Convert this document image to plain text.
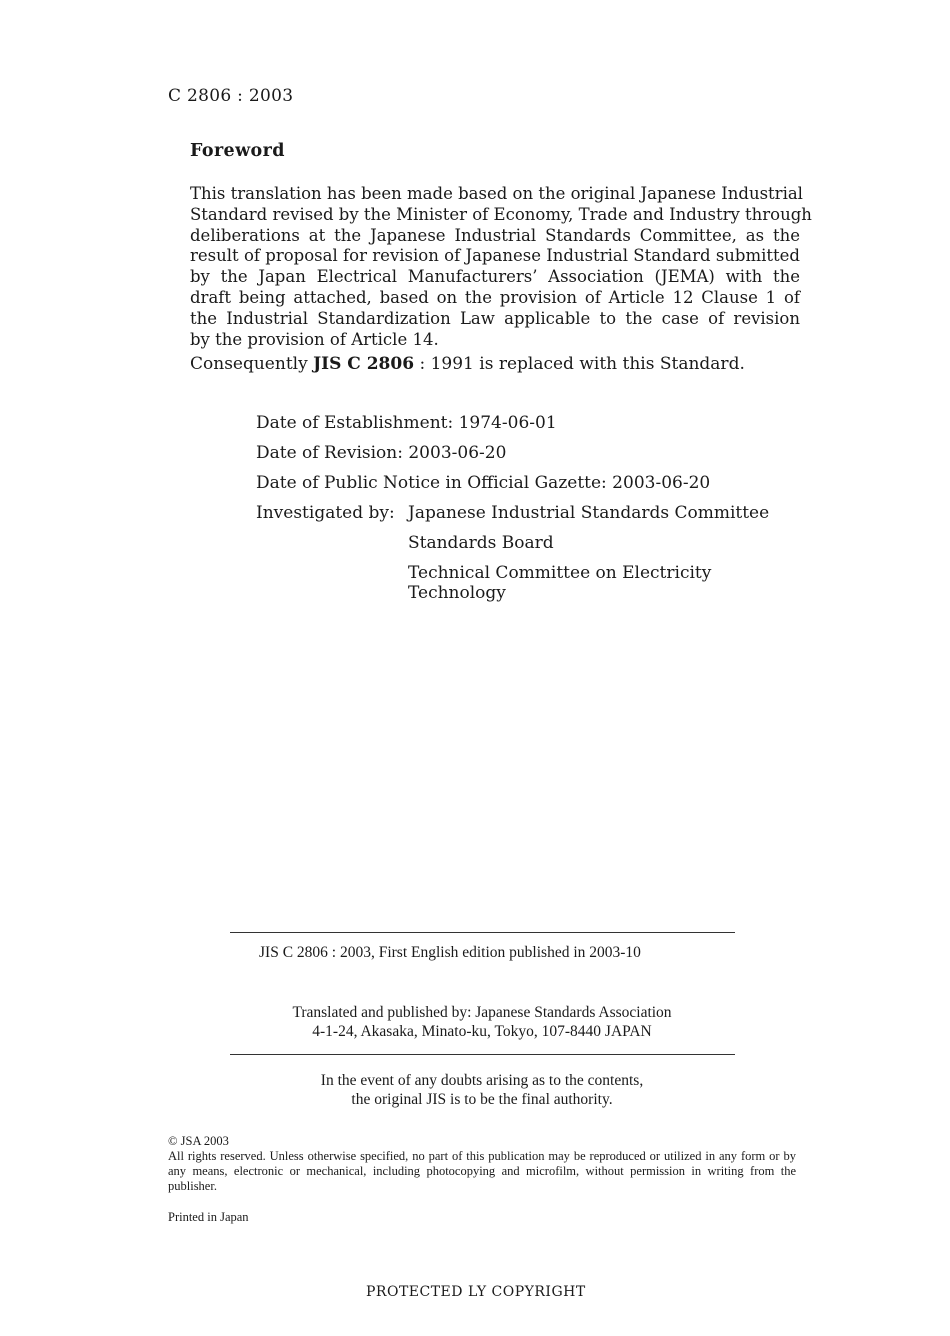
C 2806 : 2003
Foreword
This translation has been made based on the original Japanese Industrial
Standard revised by the Minister of Economy, Trade and Industry through
deliberations at the Japanese Industrial Standards Committee, as the
result of proposal for revision of Japanese Industrial Standard submitted
by the Japan Electrical Manufacturers’ Association (JEMA) with the
draft being attached, based on the provision of Article 12 Clause 1 of
the Industrial Standardization Law applicable to the case of revision
by the provision of Article 14.
Consequently JIS C 2806 : 1991 is replaced with this Standard.
Date of Establishment: 1974-06-01
Date of Revision: 2003-06-20
Date of Public Notice in Official Gazette: 2003-06-20
Investigated by: Japanese Industrial Standards Committee
Standards Board
Technical Committee on Electricity
Technology
JIS C 2806 : 2003, First English edition published in 2003-10
Translated and published by: Japanese Standards Association
4-1-24, Akasaka, Minato-ku, Tokyo, 107-8440 JAPAN
In the event of any doubts arising as to the contents,
the original JIS is to be the final authority.
© JSA 2003
All rights reserved. Unless otherwise specified, no part of this publication may be reproduced or utilized in any form or by any means, electronic or mechanical, including photocopying and microfilm, without permission in writing from the publisher.
Printed in Japan
PROTECTED LY COPYRIGHT
